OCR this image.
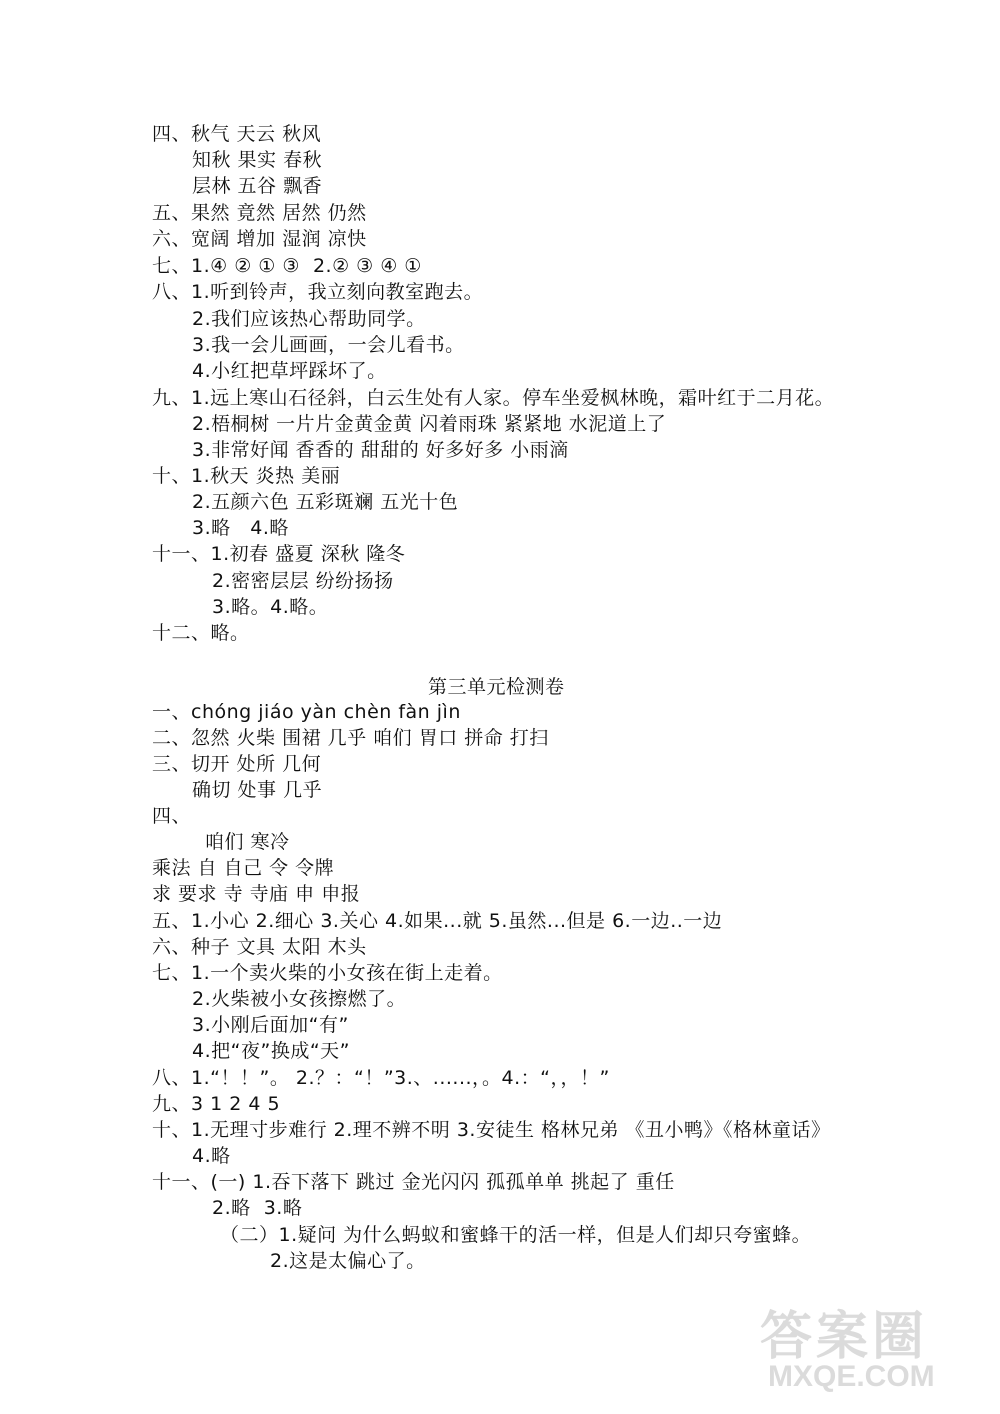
四、秋气 天云 秋风
知秋 果实 春秋
层林 五谷 飘香
五、果然 竟然 居然 仍然
六、宽阔 增加 湿润 凉快
七、1.④ ② ① ③  2.② ③ ④ ①
八、1.听到铃声，我立刻向教室跑去。
2.我们应该热心帮助同学。
3.我一会儿画画，一会儿看书。
4.小红把草坪踩坏了。
九、1.远上寒山石径斜，白云生处有人家。停车坐爱枫林晚，霜叶红于二月花。
2.梧桐树 一片片金黄金黄 闪着雨珠 紧紧地 水泥道上了
3.非常好闻 香香的 甜甜的 好多好多 小雨滴
十、1.秋天 炎热 美丽
2.五颜六色 五彩斑斓 五光十色
3.略   4.略
十一、1.初春 盛夏 深秋 隆冬
2.密密层层 纷纷扬扬
3.略。4.略。
十二、略。
第三单元检测卷
一、chóng jiáo yàn chèn fàn jìn
二、忽然 火柴 围裙 几乎 咱们 胃口 拼命 打扫
三、切开 处所 几何
确切 处事 几乎
四、
咱们 寒冷
乘法 自 自己 令 令牌
求 要求 寺 寺庙 申 申报
五、1.小心 2.细心 3.关心 4.如果...就 5.虽然...但是 6.一边..一边
六、种子 文具 太阳 木头
七、1.一个卖火柴的小女孩在街上走着。
2.火柴被小女孩擦燃了。
3.小刚后面加“有”
4.把“夜”换成“天”
八、1.“！！”。 2.？：“！”3.、......，。4.：“，，！”
九、3 1 2 4 5
十、1.无理寸步难行 2.理不辨不明 3.安徒生 格林兄弟 《丑小鸭》《格林童话》
4.略
十一、(一) 1.吞下落下 跳过 金光闪闪 孤孤单单 挑起了 重任
2.略  3.略
（二）1.疑问 为什么蚂蚁和蜜蜂干的活一样，但是人们却只夸蜜蜂。
2.这是太偏心了。
答案圈
MXQE.COM
